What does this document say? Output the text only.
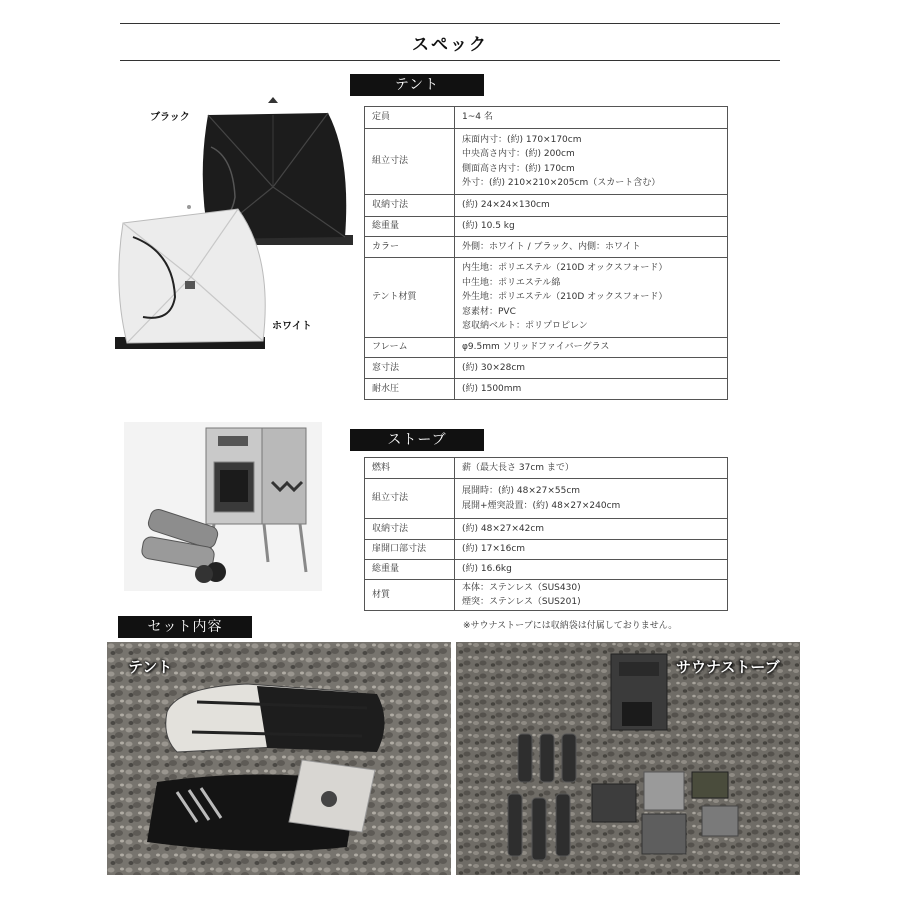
スペック
ブラック
ホワイト
テント
定員	1~4 名

組立寸法	床面内寸：(約) 170×170cm
中央高さ内寸：(約) 200cm
側面高さ内寸：(約) 170cm
外寸：(約) 210×210×205cm（スカート含む）

収納寸法	(約) 24×24×130cm

総重量	(約) 10.5 kg

カラー	外側：ホワイト / ブラック、内側：ホワイト

テント材質	内生地：ポリエステル（210D オックスフォード）
中生地：ポリエステル綿
外生地：ポリエステル（210D オックスフォード）
窓素材：PVC
窓収納ベルト：ポリプロピレン

フレーム	φ9.5mm ソリッドファイバーグラス

窓寸法	(約) 30×28cm

耐水圧	(約) 1500mm
ストーブ
燃料	薪（最大長さ 37cm まで）

組立寸法	展開時：(約) 48×27×55cm
展開+煙突設置：(約) 48×27×240cm

収納寸法	(約) 48×27×42cm

扉開口部寸法	(約) 17×16cm

総重量	(約) 16.6kg

材質	本体：ステンレス（SUS430)
煙突：ステンレス（SUS201)
※サウナストーブには収納袋は付属しておりません。
セット内容
テント	サウナストーブ
